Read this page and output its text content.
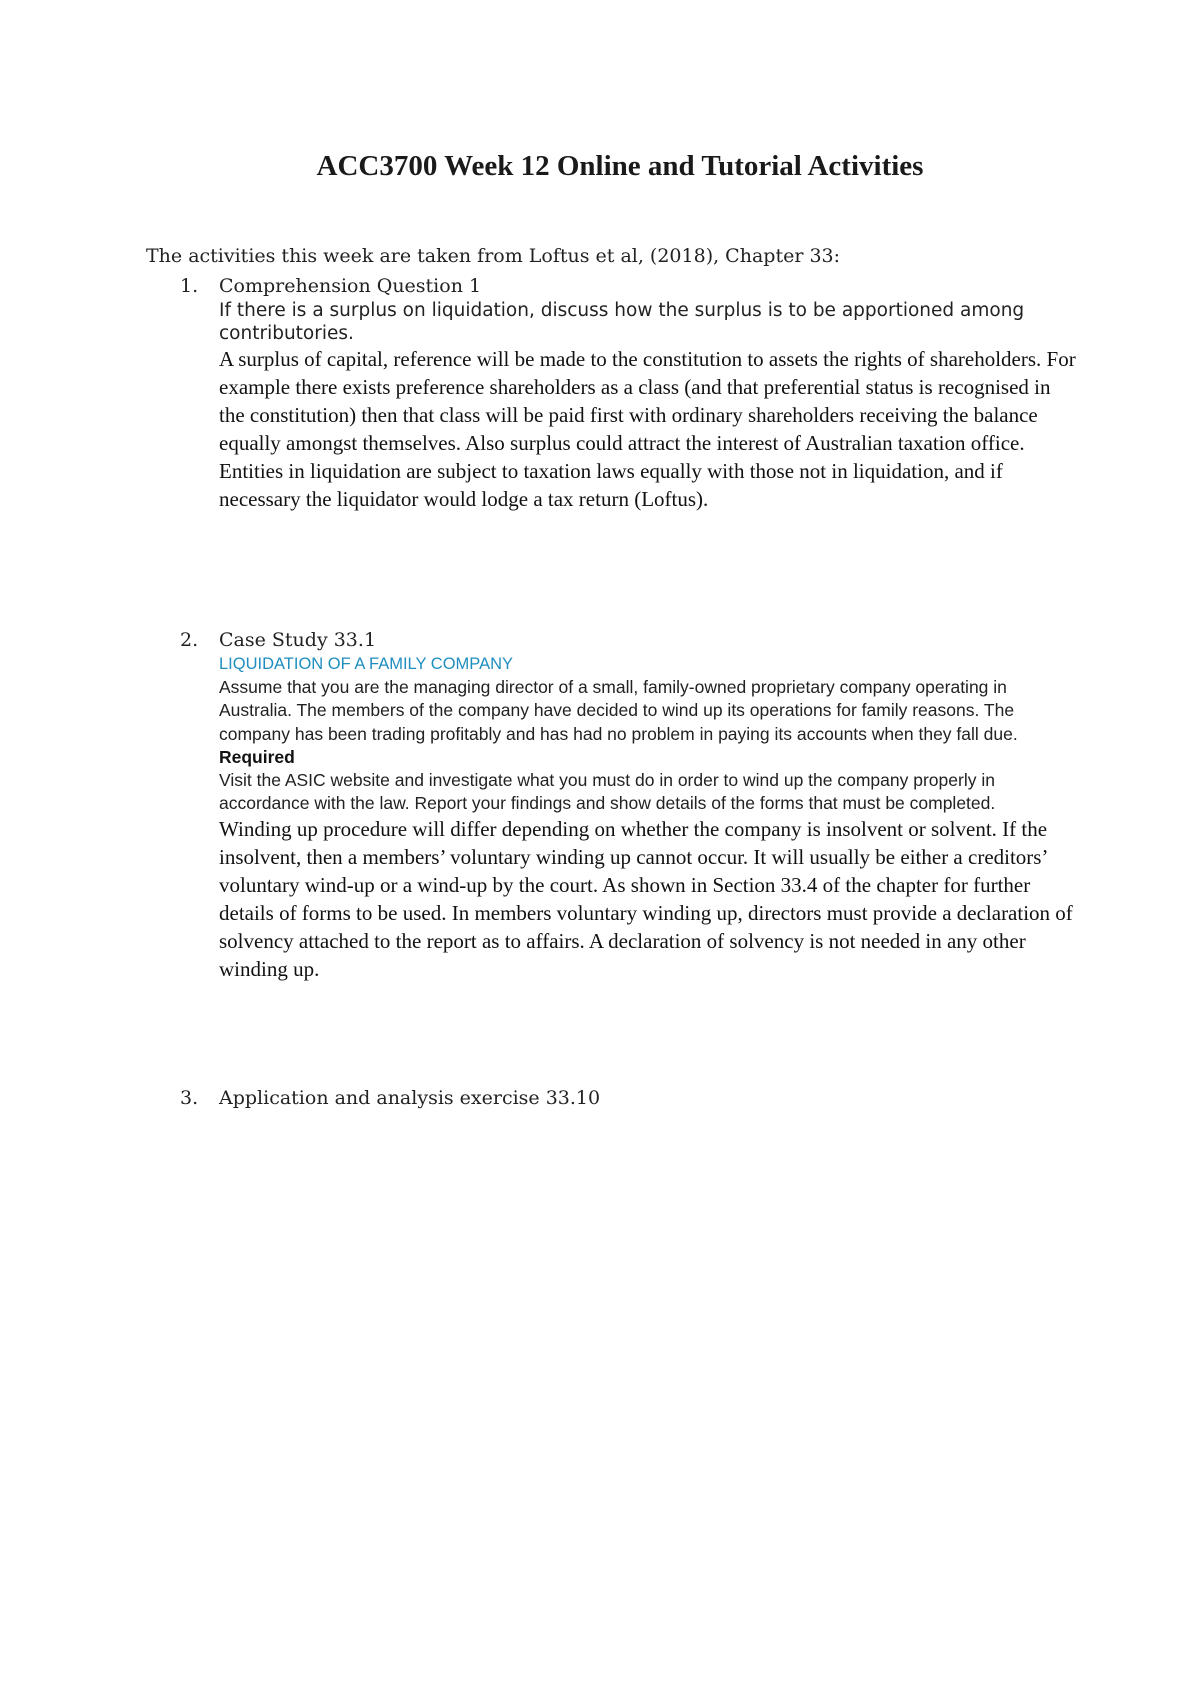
ACC3700 Week 12 Online and Tutorial Activities

The activities this week are taken from Loftus et al, (2018), Chapter 33:

1. Comprehension Question 1

If there is a surplus on liquidation, discuss how the surplus is to be apportioned among contributories.

A surplus of capital, reference will be made to the constitution to assets the rights of shareholders. For example there exists preference shareholders as a class (and that preferential status is recognised in the constitution) then that class will be paid first with ordinary shareholders receiving the balance equally amongst themselves. Also surplus could attract the interest of Australian taxation office. Entities in liquidation are subject to taxation laws equally with those not in liquidation, and if necessary the liquidator would lodge a tax return (Loftus).

2. Case Study 33.1

LIQUIDATION OF A FAMILY COMPANY

Assume that you are the managing director of a small, family-owned proprietary company operating in Australia. The members of the company have decided to wind up its operations for family reasons. The company has been trading profitably and has had no problem in paying its accounts when they fall due.

Required

Visit the ASIC website and investigate what you must do in order to wind up the company properly in accordance with the law. Report your findings and show details of the forms that must be completed.

Winding up procedure will differ depending on whether the company is insolvent or solvent. If the insolvent, then a members’ voluntary winding up cannot occur. It will usually be either a creditors’ voluntary wind-up or a wind-up by the court. As shown in Section 33.4 of the chapter for further details of forms to be used. In members voluntary winding up, directors must provide a declaration of solvency attached to the report as to affairs. A declaration of solvency is not needed in any other winding up.

3. Application and analysis exercise 33.10
